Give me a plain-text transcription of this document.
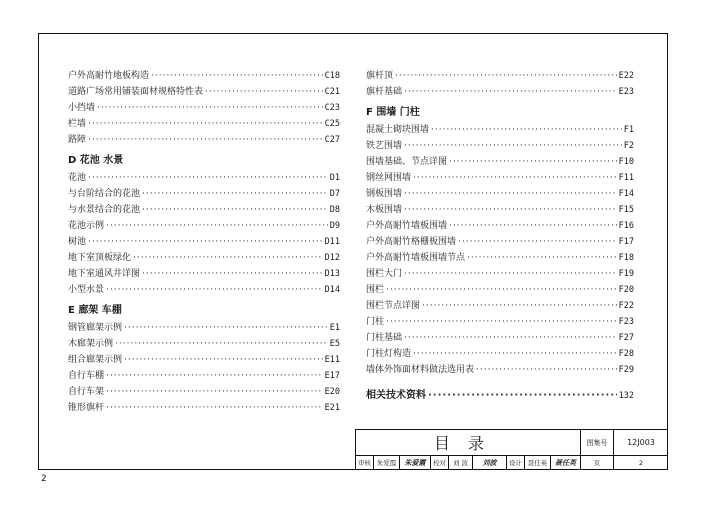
户外高耐竹地板构造 ·····	C18
道路广场常用铺装面材规格特性表 ·····	C21
小挡墙 ·····	C23
栏墙 ·····	C25
路障 ·····	C27
D 花池 水景
花池 ·····	D1
与台阶结合的花池 ·····	D7
与水景结合的花池 ·····	D8
花池示例 ·····	D9
树池 ·····	D11
地下室顶板绿化 ·····	D12
地下室通风井详图 ·····	D13
小型水景 ·····	D14
E 廊架 车棚
钢管廊架示例 ·····	E1
木廊架示例 ·····	E5
组合廊架示例 ·····	E11
自行车棚 ·····	E17
自行车架 ·····	E20
锥形旗杆 ·····	E21
旗杆顶 ·····	E22
旗杆基础 ·····	E23
F 围墙 门柱
混凝土砌块围墙 ·····	F1
铁艺围墙 ·····	F2
围墙基础、节点详图 ·····	F10
钢丝网围墙 ·····	F11
钢板围墙 ·····	F14
木板围墙 ·····	F15
户外高耐竹墙板围墙 ·····	F16
户外高耐竹格栅板围墙 ·····	F17
户外高耐竹墙板围墙节点 ·····	F18
围栏大门 ·····	F19
围栏 ·····	F20
围栏节点详图 ·····	F22
门柱 ·····	F23
门柱基础 ·····	F27
门柱灯构造 ·····	F28
墙体外饰面材料做法选用表 ·····	F29
相关技术资料 ·····	132
目录	图集号	12J003
审核 朱爱霞	朱爱霞	校对	刘 波	刘波	设计 聂任英	聂任英	页	2
2
